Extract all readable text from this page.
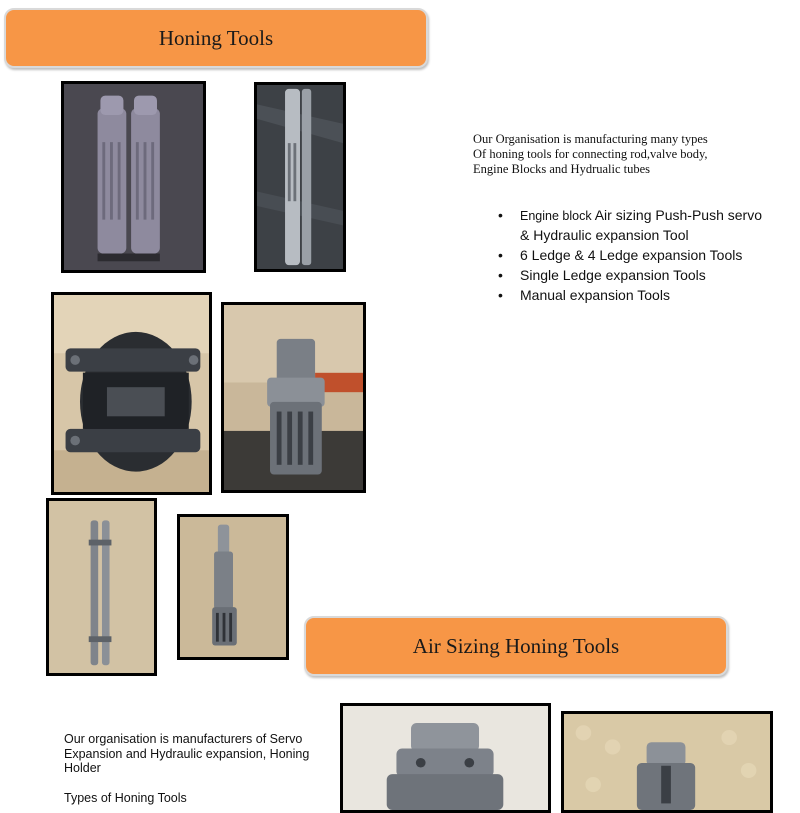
Honing Tools
Our Organisation is manufacturing many types
Of honing tools for connecting rod,valve body,
Engine Blocks and Hydrualic tubes
• Engine block Air sizing Push-Push servo & Hydraulic expansion Tool
• 6 Ledge & 4 Ledge expansion Tools
• Single Ledge expansion Tools
• Manual expansion Tools
Air Sizing Honing Tools
Our organisation is manufacturers of Servo Expansion and Hydraulic expansion, Honing Holder
Types of Honing Tools
